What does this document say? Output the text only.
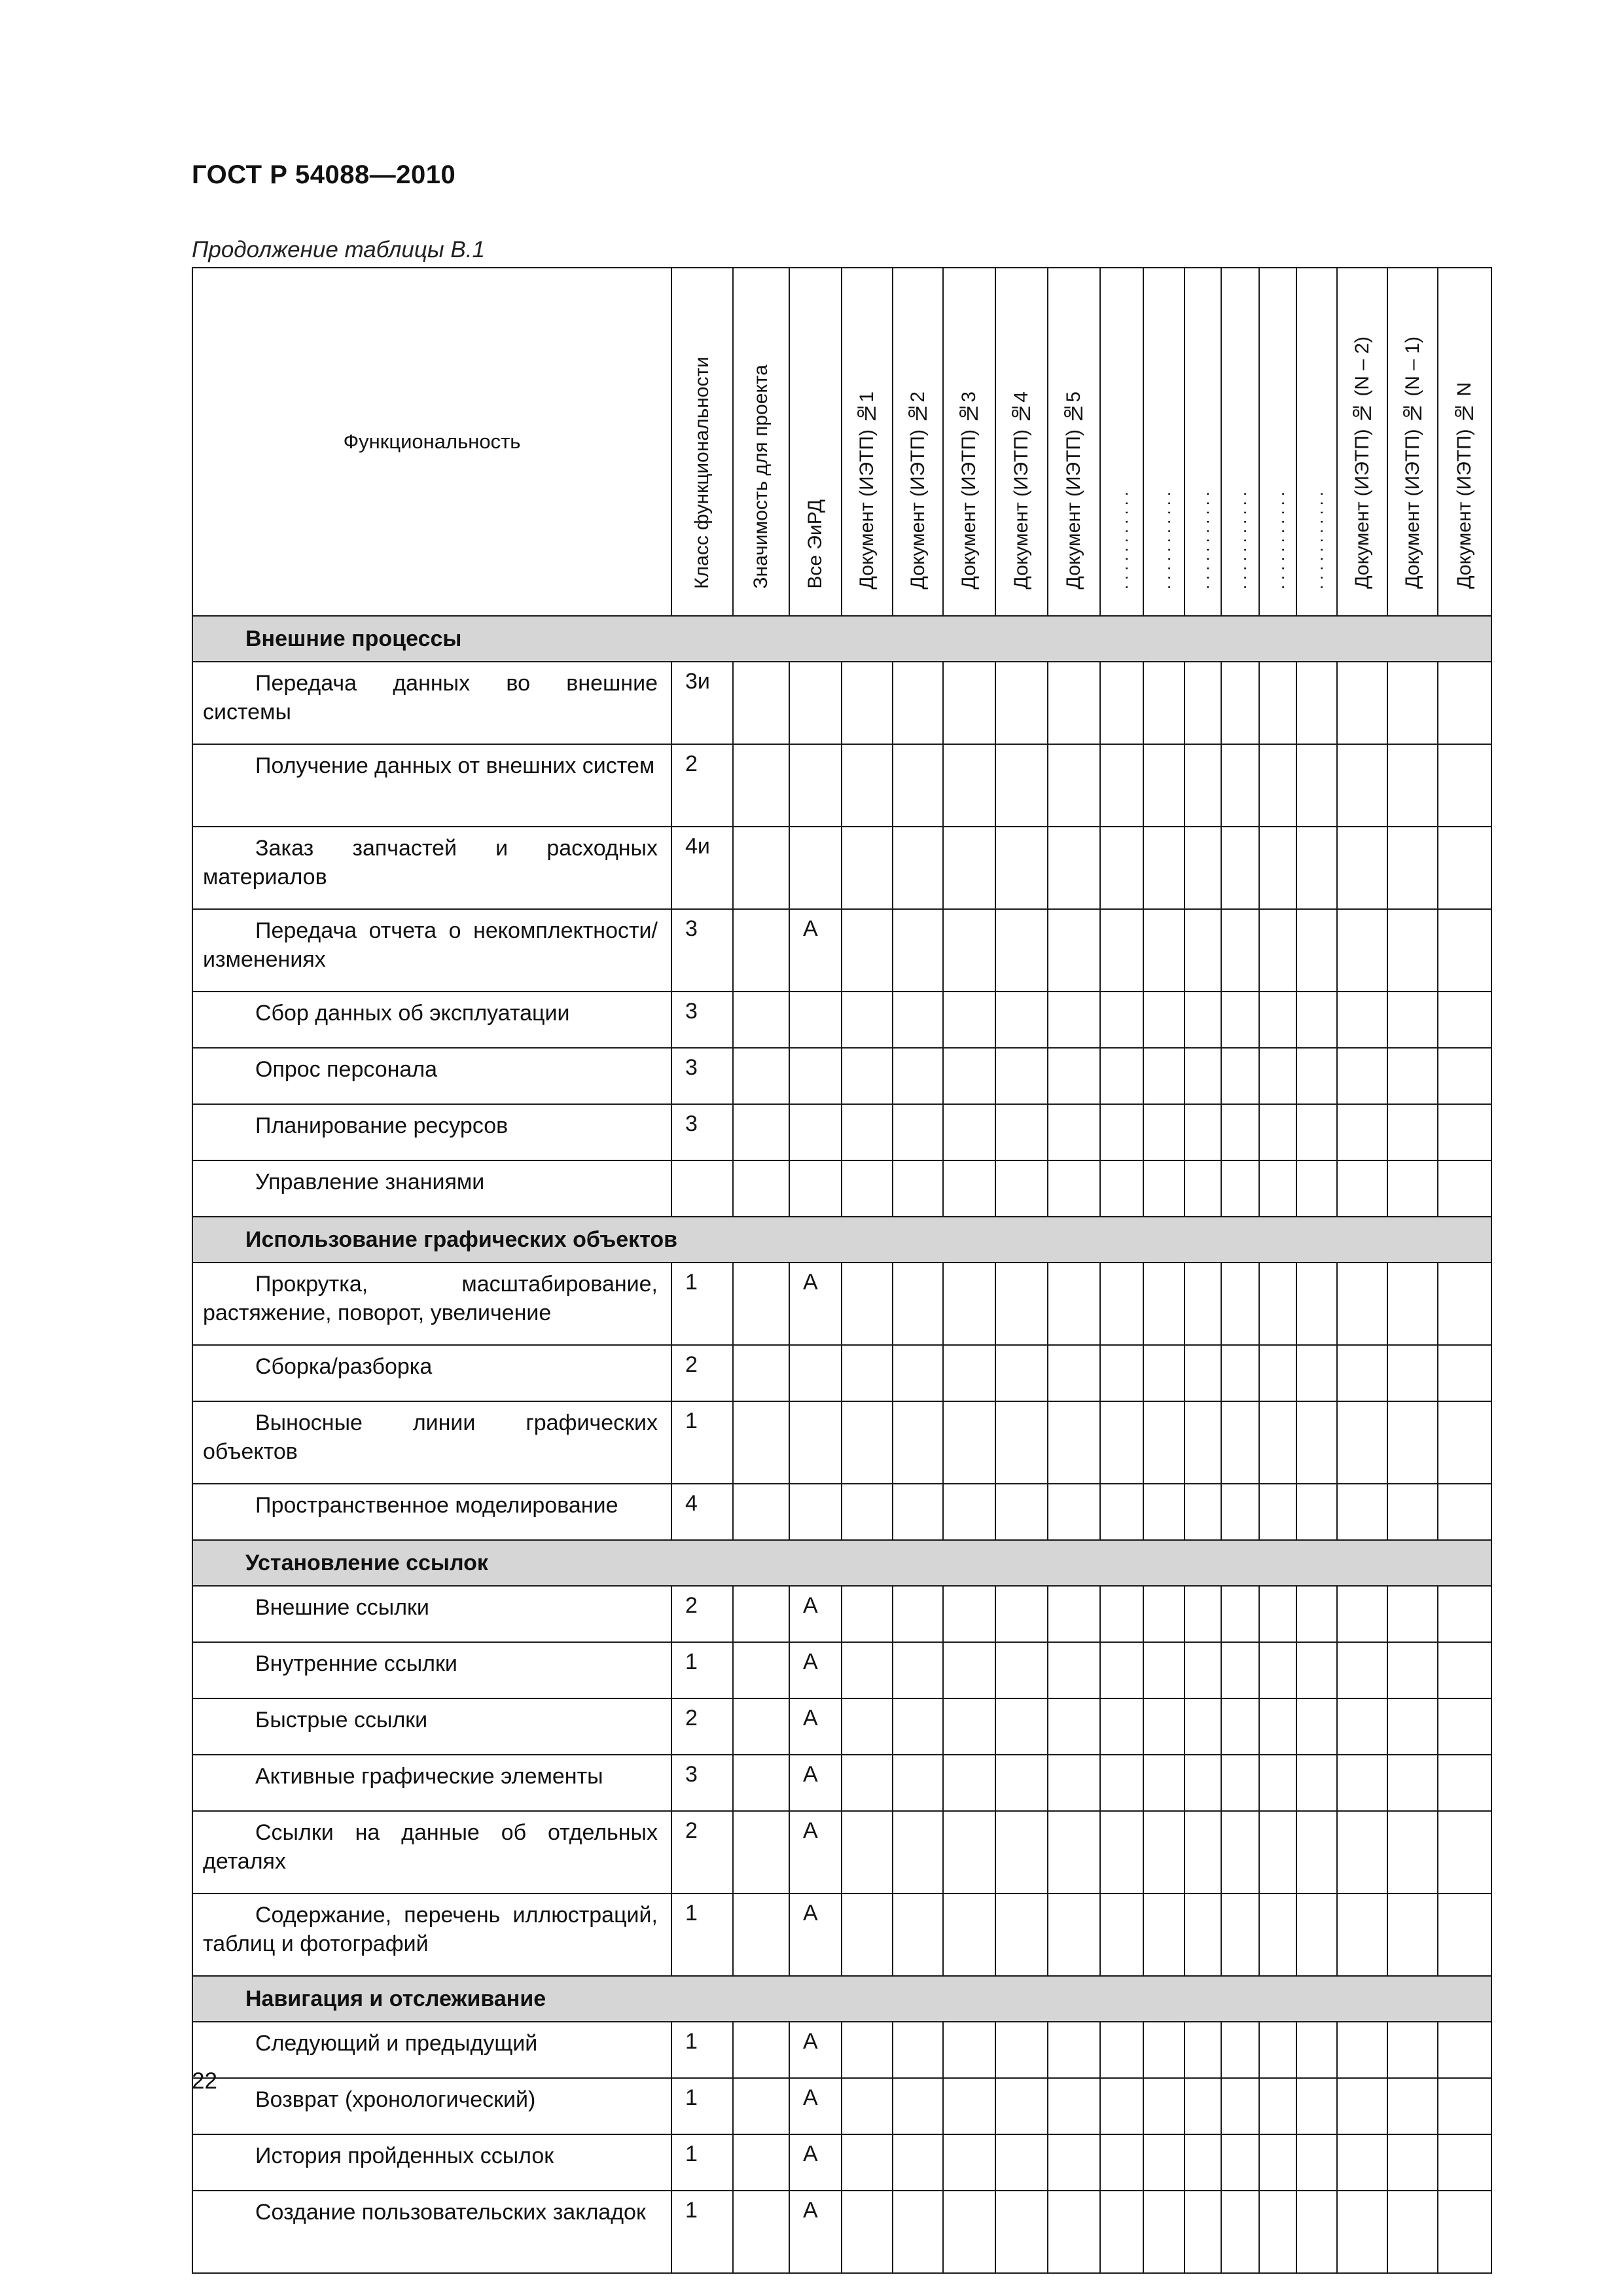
ГОСТ Р 54088—2010
Продолжение таблицы В.1
Функциональность	Класс функциональности	Значимость для проекта	Все ЭиРД	Документ (ИЭТП) №1	Документ (ИЭТП) №2	Документ (ИЭТП) №3	Документ (ИЭТП) №4	Документ (ИЭТП) №5	...........	...........	...........	...........	...........	...........	Документ (ИЭТП) № (N – 2)	Документ (ИЭТП) № (N – 1)	Документ (ИЭТП) № N

Внешние процессы																	
Передача данных во внешние системы	3и																
Получение данных от внешних систем	2																
Заказ запчастей и расходных материалов	4и																
Передача отчета о некомплектности/изменениях	3		А														
Сбор данных об эксплуатации	3																
Опрос персонала	3																
Планирование ресурсов	3																
Управление знаниями																	
Использование графических объектов																	
Прокрутка, масштабирование, растяжение, поворот, увеличение	1		А														
Сборка/разборка	2																
Выносные линии графических объектов	1																
Пространственное моделирование	4																
Установление ссылок																	
Внешние ссылки	2		А														
Внутренние ссылки	1		А														
Быстрые ссылки	2		А														
Активные графические элементы	3		А														
Ссылки на данные об отдельных деталях	2		А														
Содержание, перечень иллюстраций, таблиц и фотографий	1		А														
Навигация и отслеживание																	
Следующий и предыдущий	1		А														
Возврат (хронологический)	1		А														
История пройденных ссылок	1		А														
Создание пользовательских закладок	1		А														
22
